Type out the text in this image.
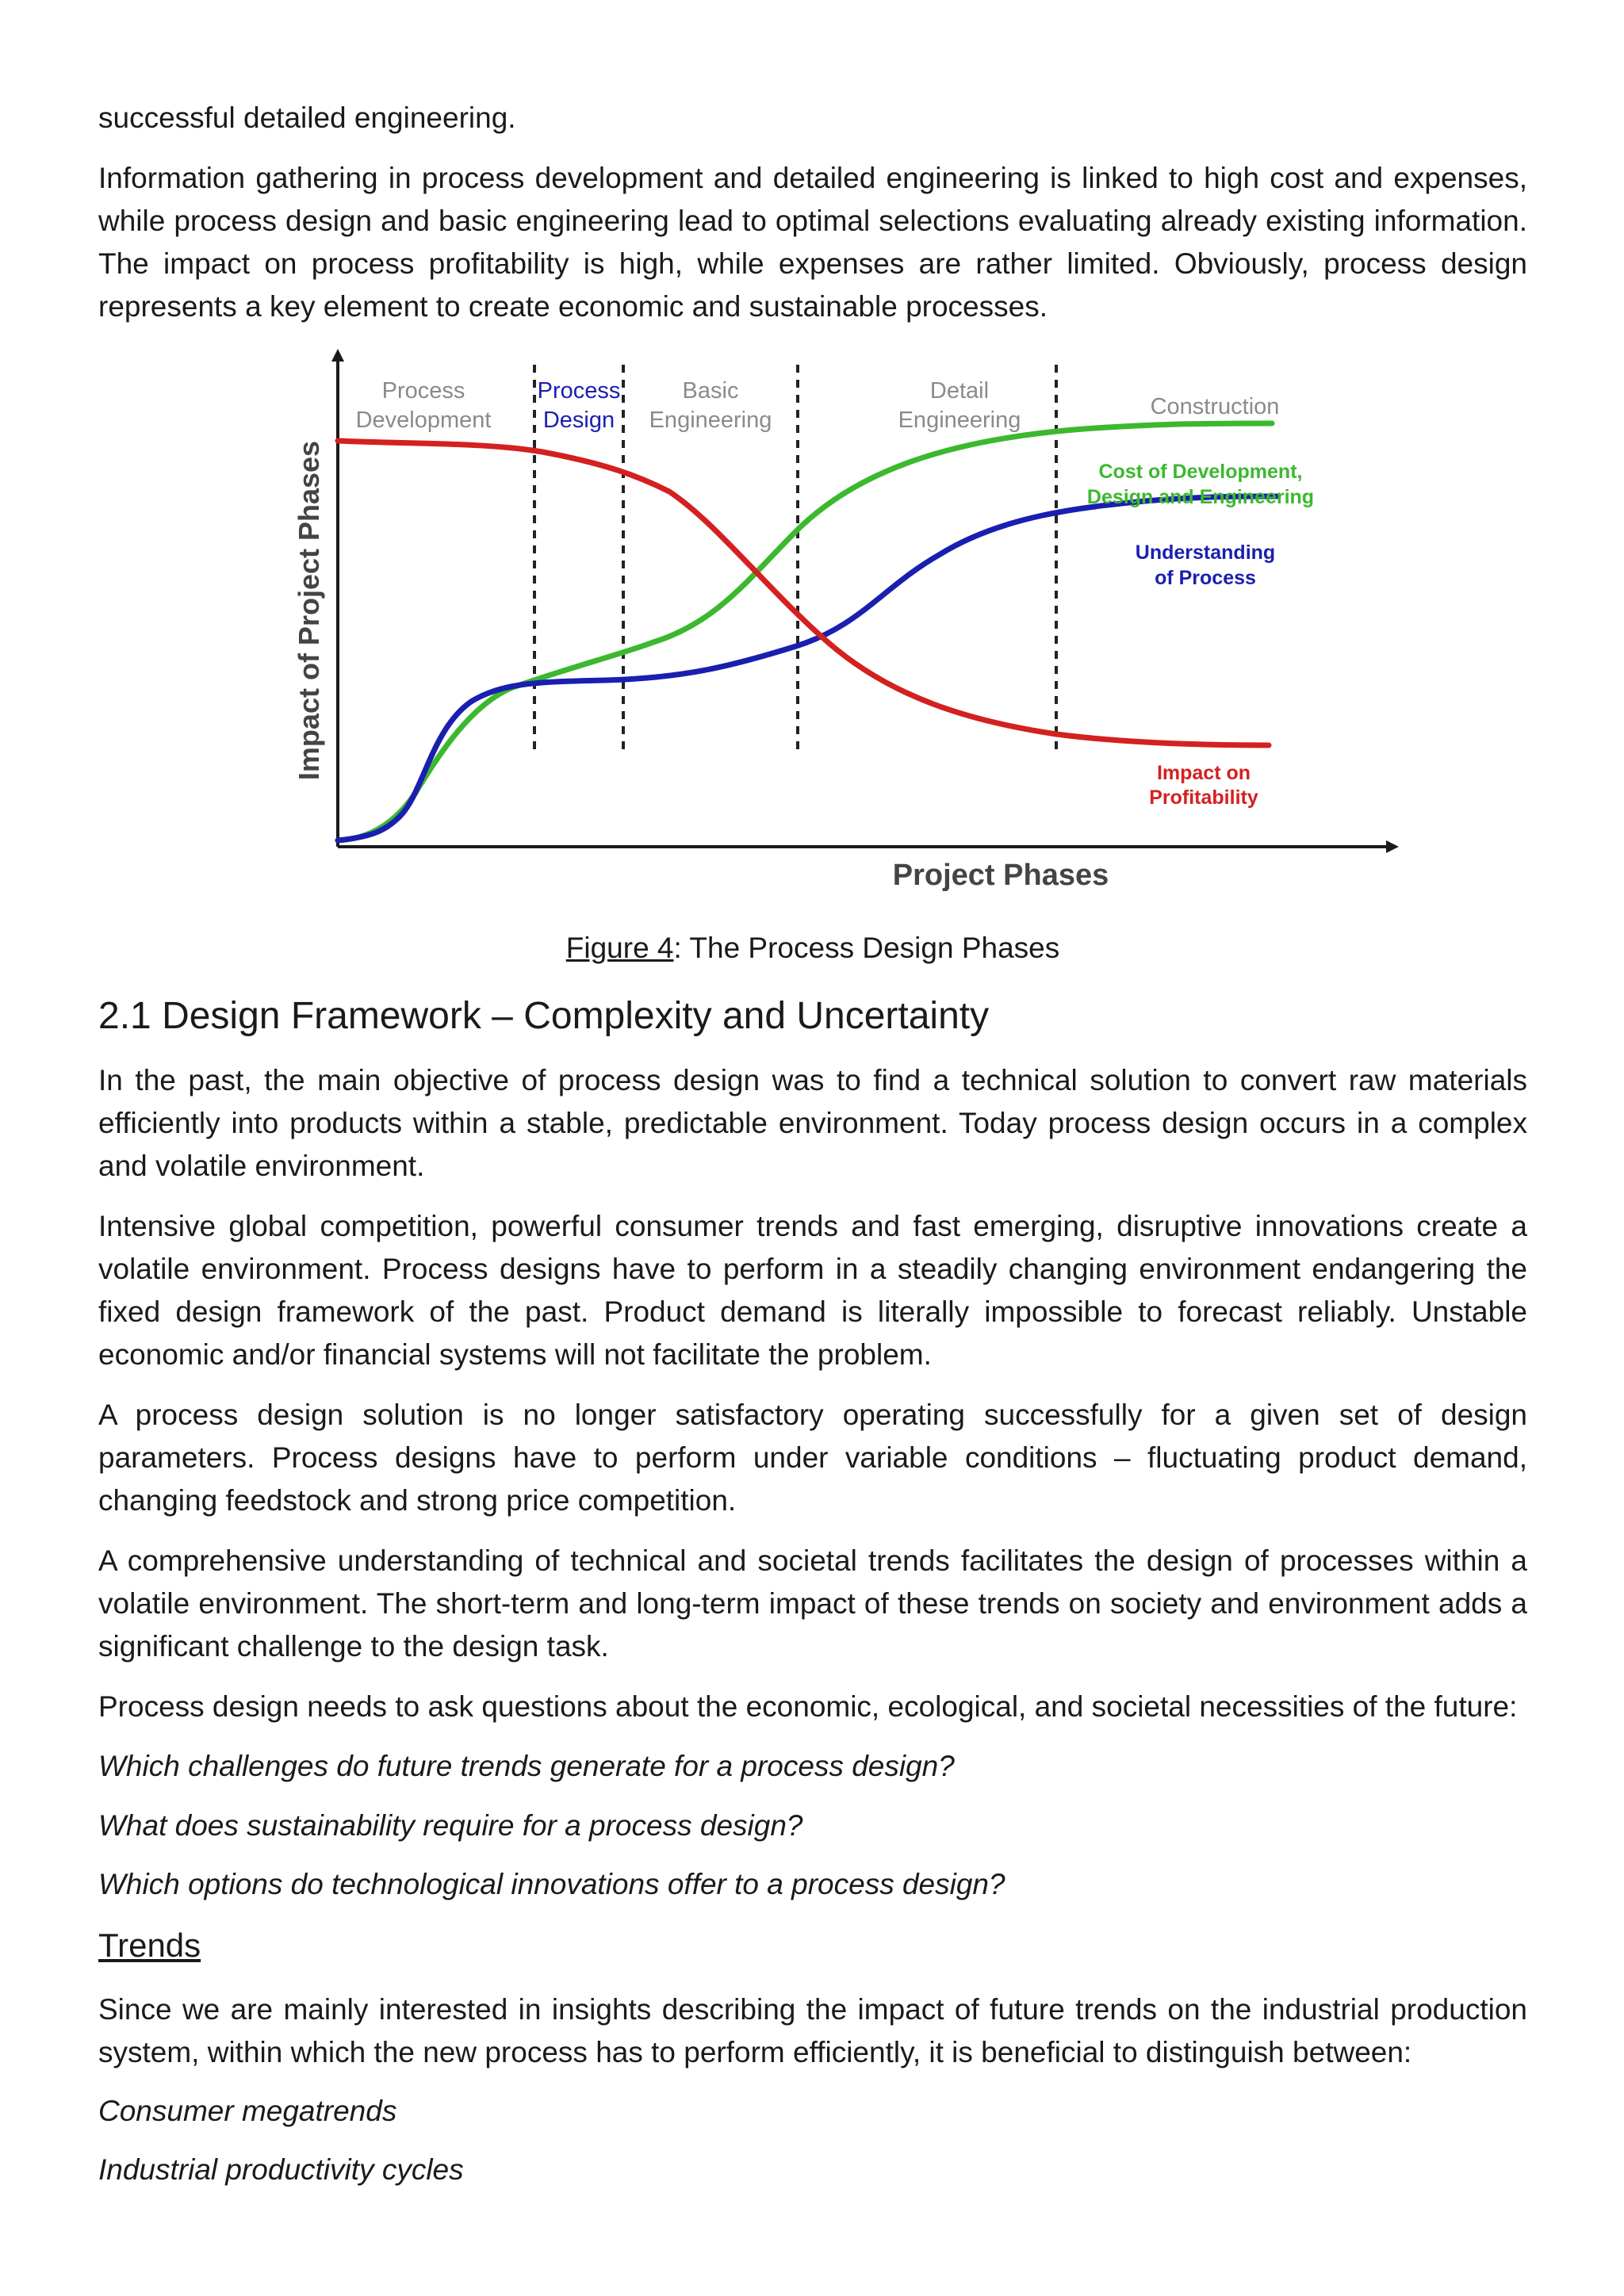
successful detailed engineering.

Information gathering in process development and detailed engineering is linked to high cost and expenses, while process design and basic engineering lead to optimal selections evaluating already existing information. The impact on process profitability is high, while expenses are rather limited. Obviously, process design represents a key element to create economic and sustainable processes.

Process
Development
Process
Design
Basic
Engineering
Detail
Engineering
Construction
Cost of Development,
Design and Engineering
Understanding
of Process
Impact on
Profitability
Impact of Project Phases
Project Phases
Figure 4: The Process Design Phases
2.1 Design Framework – Complexity and Uncertainty

In the past, the main objective of process design was to find a technical solution to convert raw materials efficiently into products within a stable, predictable environment. Today process design occurs in a complex and volatile environment.

Intensive global competition, powerful consumer trends and fast emerging, disruptive innovations create a volatile environment. Process designs have to perform in a steadily changing environment endangering the fixed design framework of the past. Product demand is literally impossible to forecast reliably. Unstable economic and/or financial systems will not facilitate the problem.

A process design solution is no longer satisfactory operating successfully for a given set of design parameters. Process designs have to perform under variable conditions – fluctuating product demand, changing feedstock and strong price competition.

A comprehensive understanding of technical and societal trends facilitates the design of processes within a volatile environment. The short-term and long-term impact of these trends on society and environment adds a significant challenge to the design task.

Process design needs to ask questions about the economic, ecological, and societal necessities of the future:

Which challenges do future trends generate for a process design?

What does sustainability require for a process design?

Which options do technological innovations offer to a process design?

Trends

Since we are mainly interested in insights describing the impact of future trends on the industrial production system, within which the new process has to perform efficiently, it is beneficial to distinguish between:

Consumer megatrends

Industrial productivity cycles
